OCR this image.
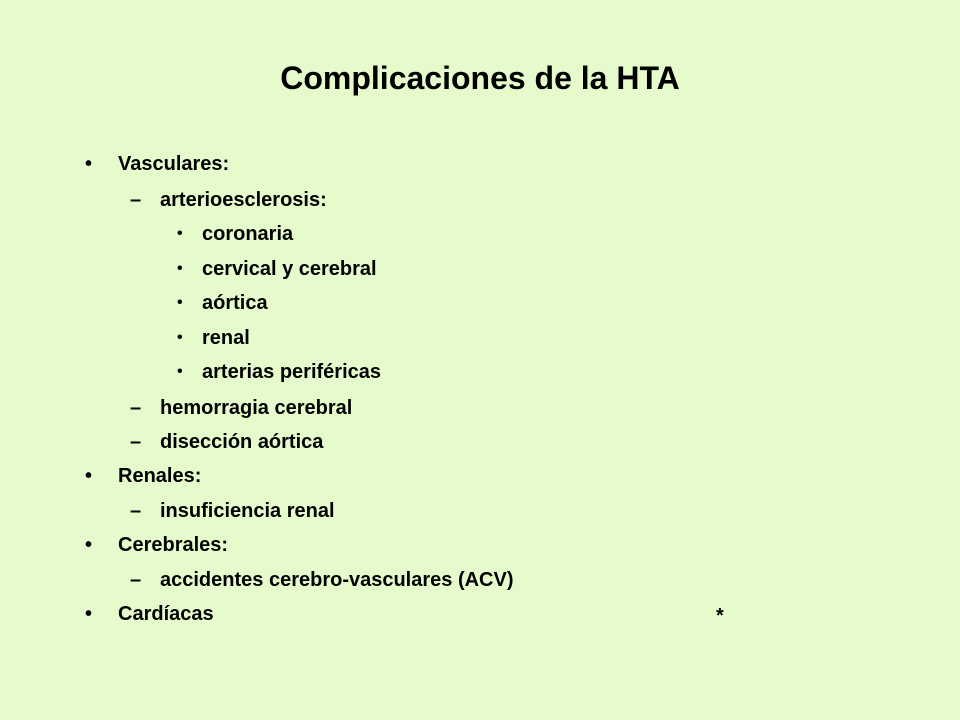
Complicaciones de la HTA
• Vasculares:
– arterioesclerosis:
• coronaria
• cervical y cerebral
• aórtica
• renal
• arterias periféricas
– hemorragia cerebral
– disección aórtica
• Renales:
– insuficiencia renal
• Cerebrales:
– accidentes cerebro-vasculares (ACV)
• Cardíacas	*
